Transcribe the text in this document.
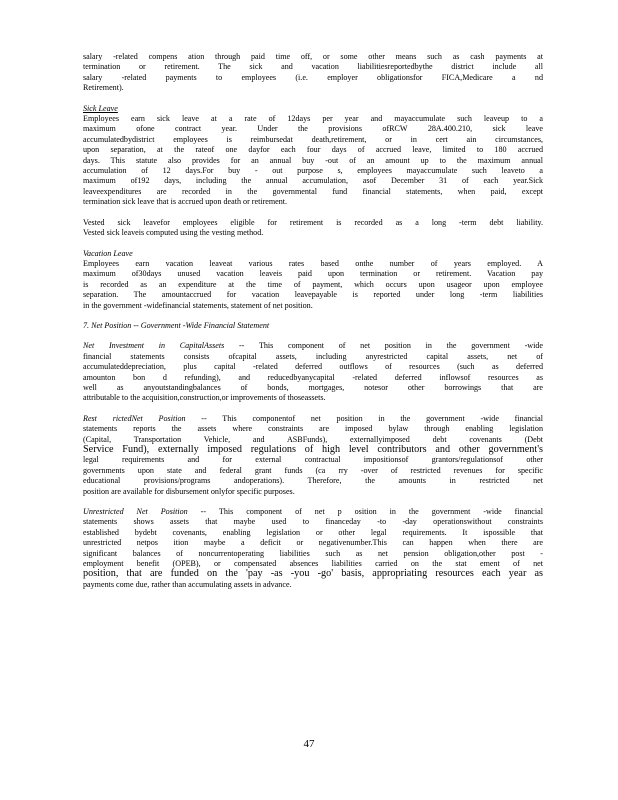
salary -related compens ation through paid time off, or some other means such as cash payments at
termination or retirement. The sick and vacation liabilitiesreportedbythe district include all
salary -related payments to employees (i.e. employer obligationsfor FICA,Medicare a nd
Retirement).

Sick Leave

Employees earn sick leave at a rate of 12days per year and mayaccumulate such leaveup to a
maximum ofone contract year. Under the provisions ofRCW 28A.400.210, sick leave
accumulatedbydistrict employees is reimbursedat death,retirement, or in cert ain circumstances,
upon separation, at the rateof one dayfor each four days of accrued leave, limited to 180 accrued
days. This statute also provides for an annual buy -out of an amount up to the maximum annual
accumulation of 12 days.For buy - out purpose s, employees mayaccumulate such leaveto a
maximum of192 days, including the annual accumulation, asof December 31 of each year.Sick
leaveexpenditures are recorded in the governmental fund financial statements, when paid, except
termination sick leave that is accrued upon death or retirement.

Vested sick leavefor employees eligible for retirement is recorded as a long -term debt liability.
Vested sick leaveis computed using the vesting method.

Vacation Leave

Employees earn vacation leaveat various rates based onthe number of years employed. A
maximum of30days unused vacation leaveis paid upon termination or retirement. Vacation pay
is recorded as an expenditure at the time of payment, which occurs upon usageor upon employee
separation. The amountaccrued for vacation leavepayable is reported under long -term liabilities
in the government -widefinancial statements, statement of net position.

7. Net Position -- Government -Wide Financial Statement

Net Investment in CapitalAssets -- This component of net position in the government -wide
financial statements consists ofcapital assets, including anyrestricted capital assets, net of
accumulateddepreciation, plus capital -related deferred outflows of resources (such as deferred
amounton bon d refunding), and reducedbyanycapital -related deferred inflowsof resources as
well as anyoutstandingbalances of bonds, mortgages, notesor other borrowings that are
attributable to the acquisition,construction,or improvements of thoseassets.

Rest rictedNet Position -- This componentof net position in the government -wide financial
statements reports the assets where constraints are imposed bylaw through enabling legislation
(Capital, Transportation Vehicle, and ASBFunds), externallyimposed debt covenants (Debt
Service Fund), externally imposed regulations of high level contributors and other government's
legal requirements and for external contractual impositionsof grantors/regulationsof other
governments upon state and federal grant funds (ca rry -over of restricted revenues for specific
educational provisions/programs andoperations). Therefore, the amounts in restricted net
position are available for disbursement onlyfor specific purposes.

Unrestricted Net Position -- This component of net p osition in the government -wide financial
statements shows assets that maybe used to financeday -to -day operationswithout constraints
established bydebt covenants, enabling legislation or other legal requirements. It ispossible that
unrestricted netpos ition maybe a deficit or negativenumber.This can happen when there are
significant balances of noncurrentoperating liabilities such as net pension obligation,other post -
employment benefit (OPEB), or compensated absences liabilities carried on the stat ement of net
position, that are funded on the 'pay -as -you -go' basis, appropriating resources each year as
payments come due, rather than accumulating assets in advance.

47
